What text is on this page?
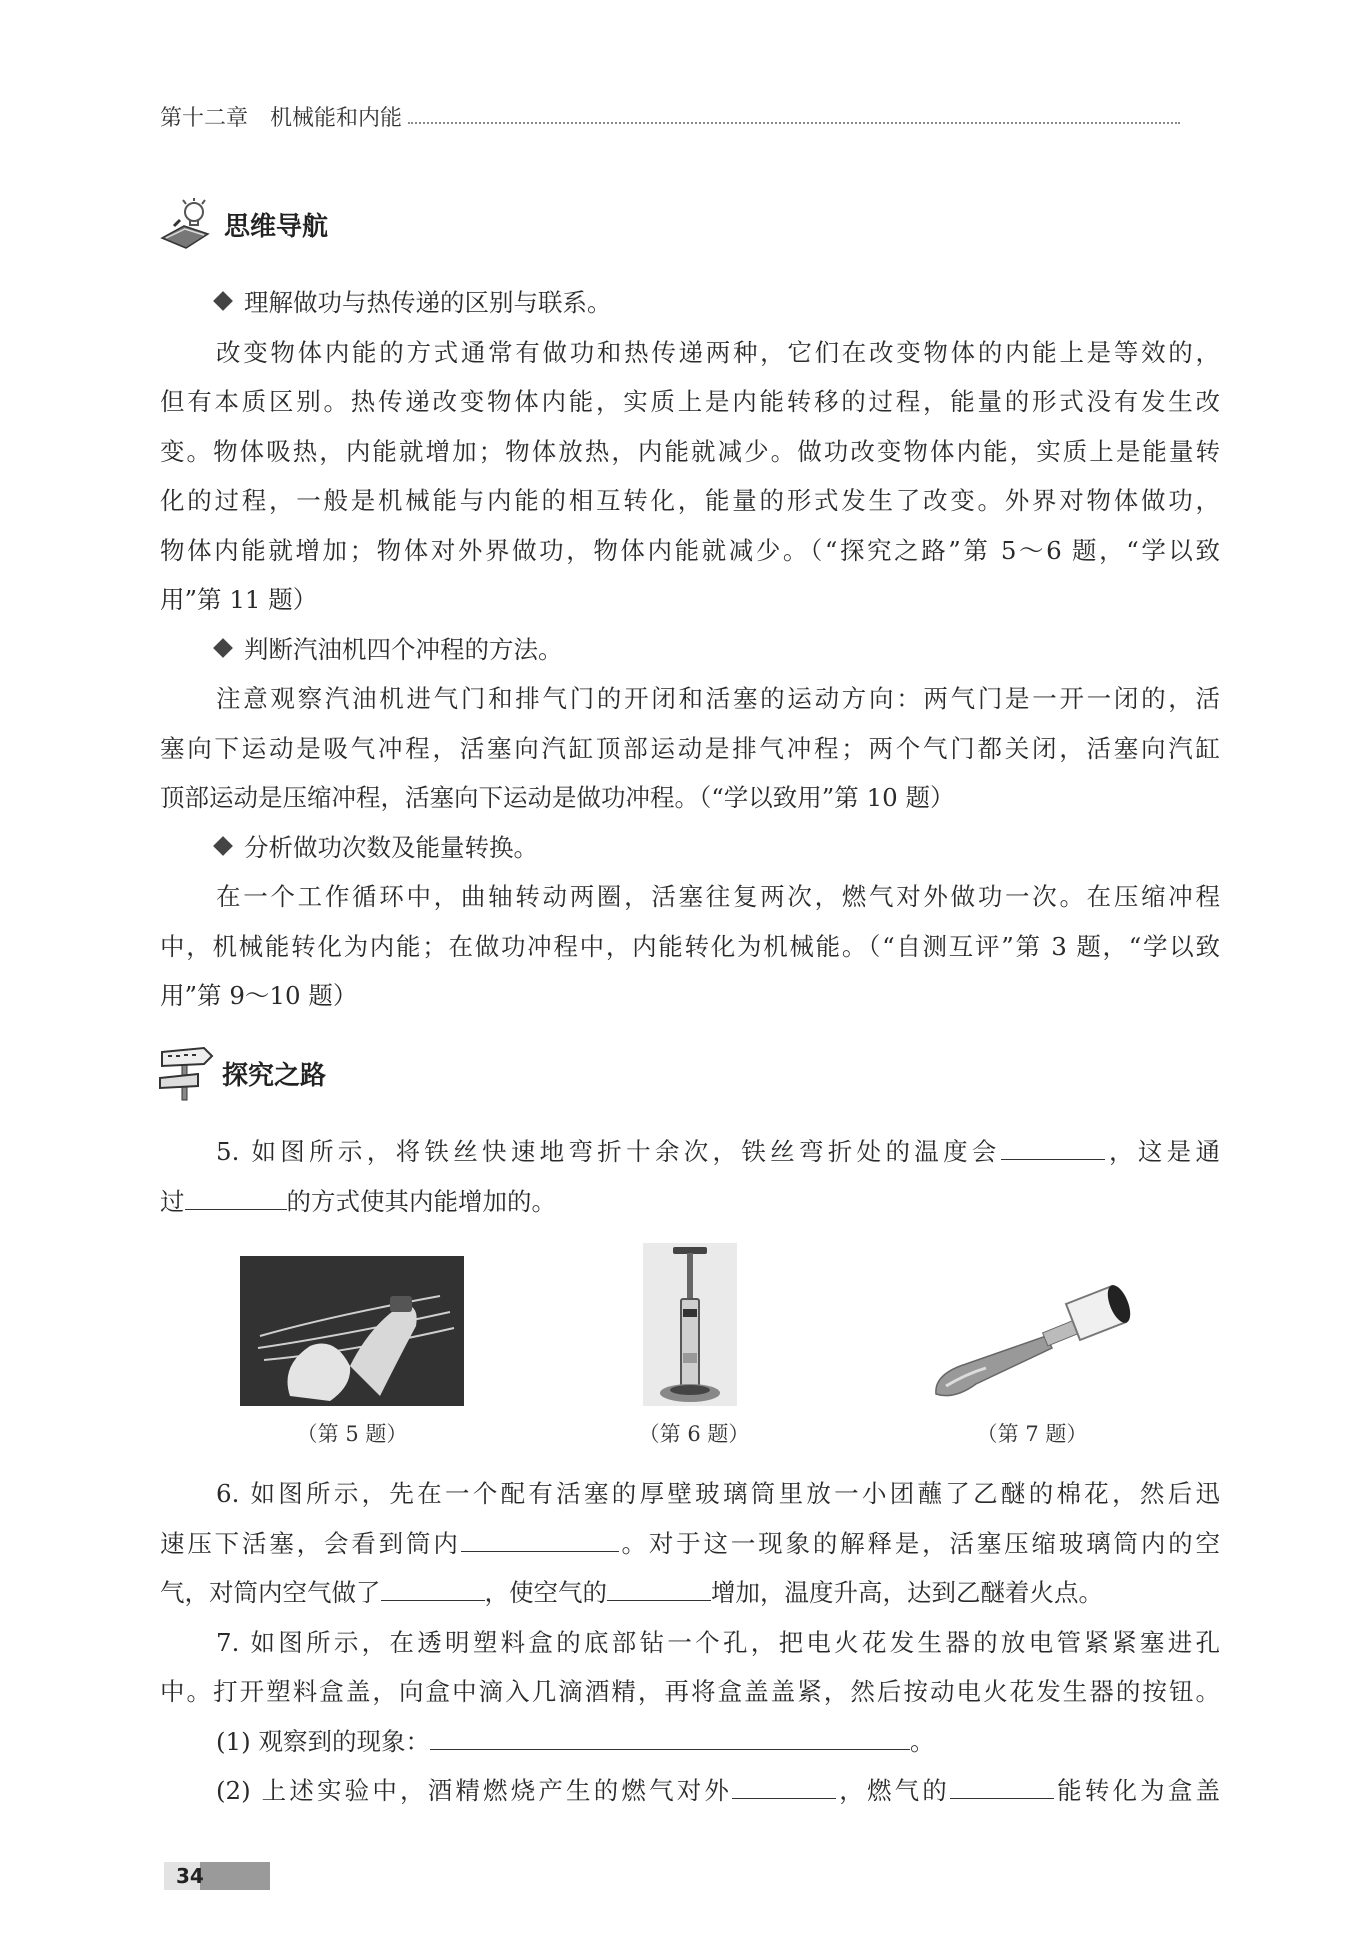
第十二章 机械能和内能
思维导航
理解做功与热传递的区别与联系。
改变物体内能的方式通常有做功和热传递两种，它们在改变物体的内能上是等效的，
但有本质区别。热传递改变物体内能，实质上是内能转移的过程，能量的形式没有发生改
变。物体吸热，内能就增加；物体放热，内能就减少。做功改变物体内能，实质上是能量转
化的过程，一般是机械能与内能的相互转化，能量的形式发生了改变。外界对物体做功，
物体内能就增加；物体对外界做功，物体内能就减少。（“探究之路”第 5～6 题，“学以致
用”第 11 题）
判断汽油机四个冲程的方法。
注意观察汽油机进气门和排气门的开闭和活塞的运动方向：两气门是一开一闭的，活
塞向下运动是吸气冲程，活塞向汽缸顶部运动是排气冲程；两个气门都关闭，活塞向汽缸
顶部运动是压缩冲程，活塞向下运动是做功冲程。（“学以致用”第 10 题）
分析做功次数及能量转换。
在一个工作循环中，曲轴转动两圈，活塞往复两次，燃气对外做功一次。在压缩冲程
中，机械能转化为内能；在做功冲程中，内能转化为机械能。（“自测互评”第 3 题，“学以致
用”第 9～10 题）
探究之路
5. 如图所示，将铁丝快速地弯折十余次，铁丝弯折处的温度会	，这是通
过	的方式使其内能增加的。
（第 5 题）	（第 6 题）	（第 7 题）
6. 如图所示，先在一个配有活塞的厚壁玻璃筒里放一小团蘸了乙醚的棉花，然后迅
速压下活塞，会看到筒内	。对于这一现象的解释是，活塞压缩玻璃筒内的空
气，对筒内空气做了	，使空气的	增加，温度升高，达到乙醚着火点。
7. 如图所示，在透明塑料盒的底部钻一个孔，把电火花发生器的放电管紧紧塞进孔
中。打开塑料盒盖，向盒中滴入几滴酒精，再将盒盖盖紧，然后按动电火花发生器的按钮。
(1) 观察到的现象：	。
(2) 上述实验中，酒精燃烧产生的燃气对外	，燃气的	能转化为盒盖
34
